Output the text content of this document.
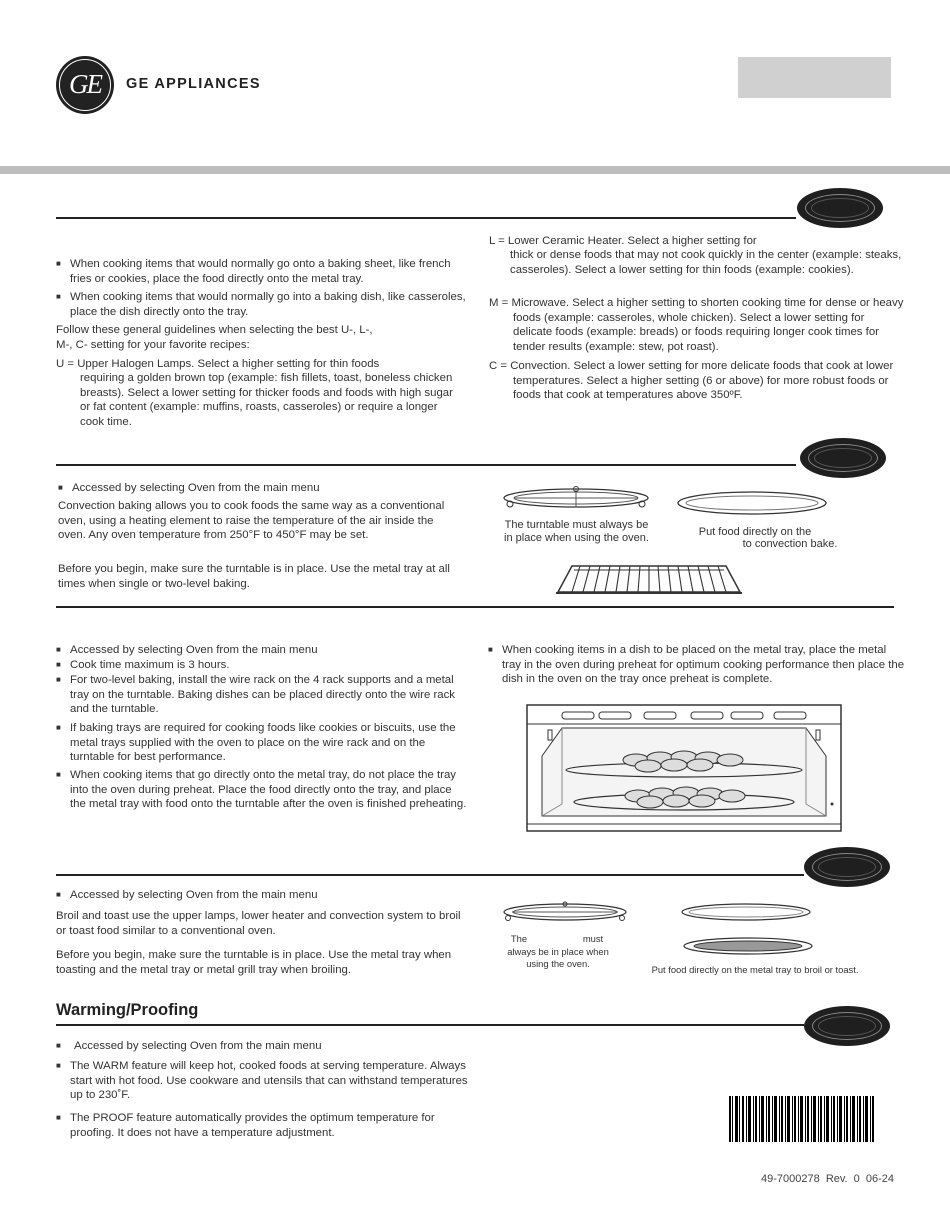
GE	GE APPLIANCES
■ When cooking items that would normally go onto a baking sheet, like french fries or cookies, place the food directly onto the metal tray.
■ When cooking items that would normally go into a baking dish, like casseroles, place the dish directly onto the tray.
Follow these general guidelines when selecting the best U-, L-, M-, C- setting for your favorite recipes:
U = Upper Halogen Lamps. Select a higher setting for thin foods
requiring a golden brown top (example: fish fillets, toast, boneless chicken breasts). Select a lower setting for thicker foods and foods with high sugar or fat content (example: muffins, roasts, casseroles) or require a longer cook time.
L = Lower Ceramic Heater. Select a higher setting for
thick or dense foods that may not cook quickly in the center (example: steaks, casseroles). Select a lower setting for thin foods (example: cookies).
M = Microwave. Select a higher setting to shorten cooking time for dense or heavy foods (example: casseroles, whole chicken). Select a lower setting for delicate foods (example: breads) or foods requiring longer cook times for tender results (example: stew, pot roast).
C = Convection. Select a lower setting for more delicate foods that cook at lower temperatures. Select a higher setting (6 or above) for more robust foods or foods that cook at temperatures above 350ºF.
■ Accessed by selecting Oven from the main menu
Convection baking allows you to cook foods the same way as a conventional oven, using a heating element to raise the temperature of the air inside the oven. Any oven temperature from 250°F to 450°F may be set.
Before you begin, make sure the turntable is in place. Use the metal tray at all times when single or two-level baking.
The turntable must always be in place when using the oven.	Put food directly on the
to convection bake.
■ Accessed by selecting Oven from the main menu
■ Cook time maximum is 3 hours.
■ For two-level baking, install the wire rack on the 4 rack supports and a metal tray on the turntable. Baking dishes can be placed directly onto the wire rack and the turntable.
■ If baking trays are required for cooking foods like cookies or biscuits, use the metal trays supplied with the oven to place on the wire rack and on the turntable for best performance.
■ When cooking items that go directly onto the metal tray, do not place the tray into the oven during preheat. Place the food directly onto the tray, and place the metal tray with food onto the turntable after the oven is finished preheating.
■ When cooking items in a dish to be placed on the metal tray, place the metal tray in the oven during preheat for optimum cooking performance then place the dish in the oven on the tray once preheat is complete.
■ Accessed by selecting Oven from the main menu
Broil and toast use the upper lamps, lower heater and convection system to broil or toast food similar to a conventional oven.
Before you begin, make sure the turntable is in place. Use the metal tray when toasting and the metal tray or metal grill tray when broiling.
The	must
always be in place when
using the oven.
Put food directly on the metal tray to broil or toast.
Warming/Proofing
■ Accessed by selecting Oven from the main menu
■ The WARM feature will keep hot, cooked foods at serving temperature. Always start with hot food. Use cookware and utensils that can withstand temperatures up to 230˚F.
■ The PROOF feature automatically provides the optimum temperature for proofing. It does not have a temperature adjustment.
49-7000278 Rev. 0 06-24
